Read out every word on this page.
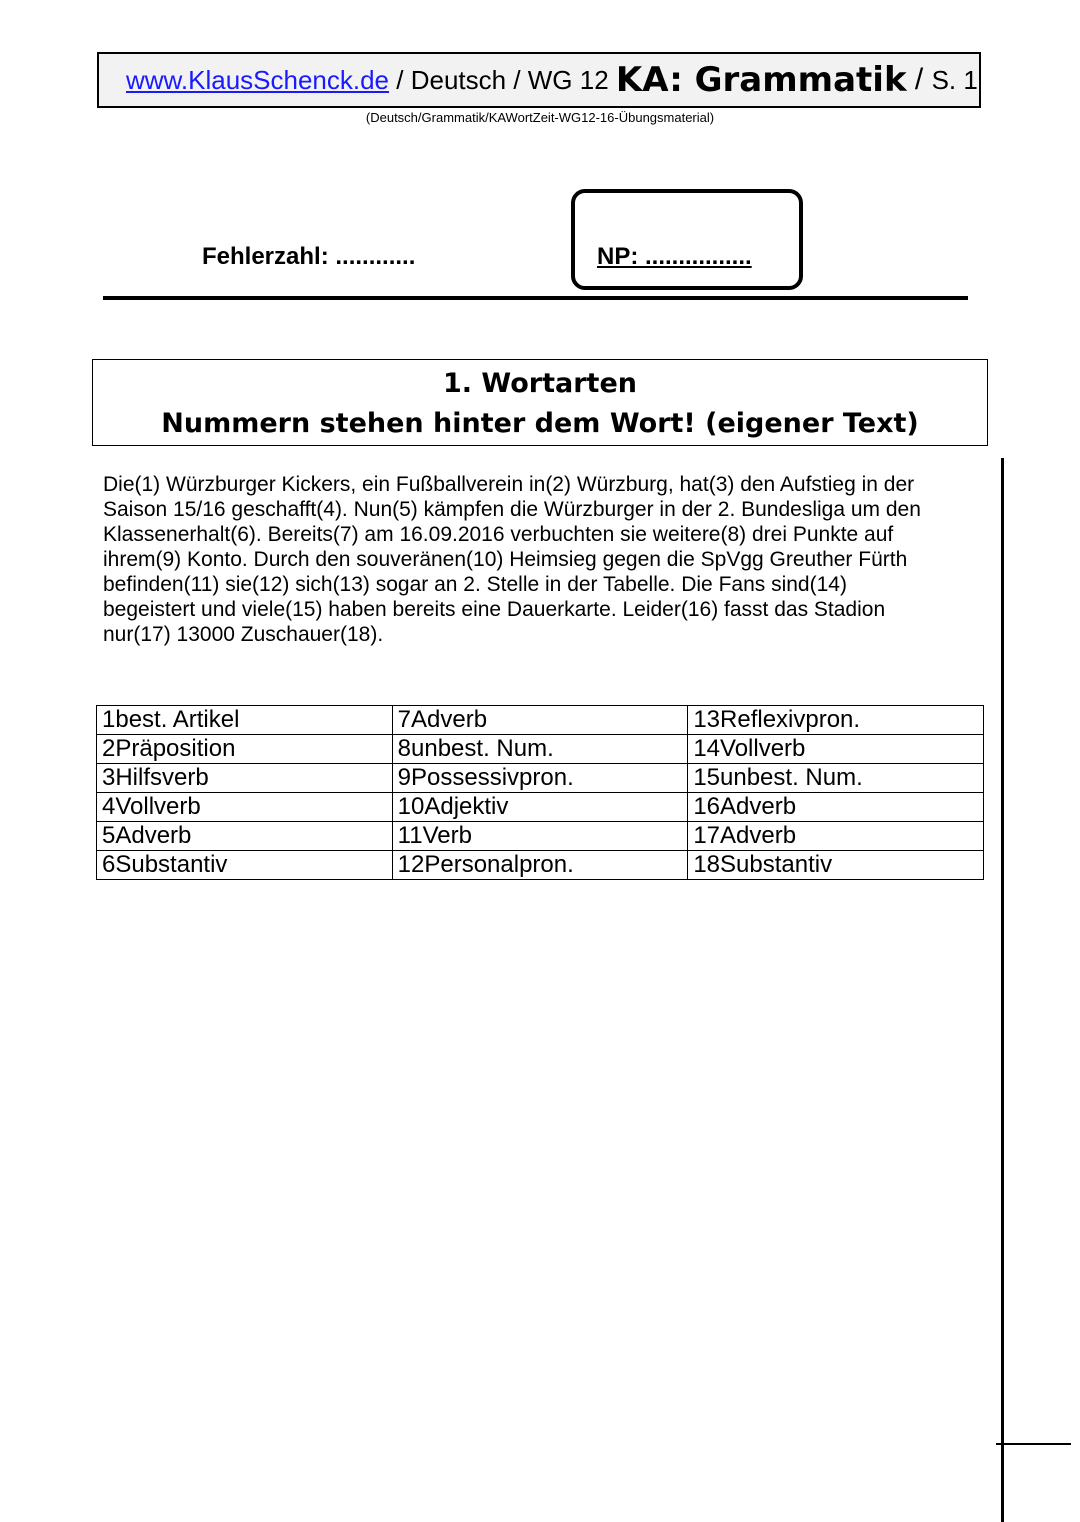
www.KlausSchenck.de / Deutsch / WG 12 KA: Grammatik / S. 1
(Deutsch/Grammatik/KAWortZeit-WG12-16-Übungsmaterial)
Fehlerzahl: ............	NP: ................
1. Wortarten
Nummern stehen hinter dem Wort! (eigener Text)
Die(1) Würzburger Kickers, ein Fußballverein in(2) Würzburg, hat(3) den Aufstieg in der
Saison 15/16 geschafft(4). Nun(5) kämpfen die Würzburger in der 2. Bundesliga um den
Klassenerhalt(6). Bereits(7) am 16.09.2016 verbuchten sie weitere(8) drei Punkte auf
ihrem(9) Konto. Durch den souveränen(10) Heimsieg gegen die SpVgg Greuther Fürth
befinden(11) sie(12) sich(13) sogar an 2. Stelle in der Tabelle. Die Fans sind(14)
begeistert und viele(15) haben bereits eine Dauerkarte. Leider(16) fasst das Stadion
nur(17) 13000 Zuschauer(18).
1best. Artikel	7Adverb	13Reflexivpron.
2Präposition	8unbest. Num.	14Vollverb
3Hilfsverb	9Possessivpron.	15unbest. Num.
4Vollverb	10Adjektiv	16Adverb
5Adverb	11Verb	17Adverb
6Substantiv	12Personalpron.	18Substantiv
